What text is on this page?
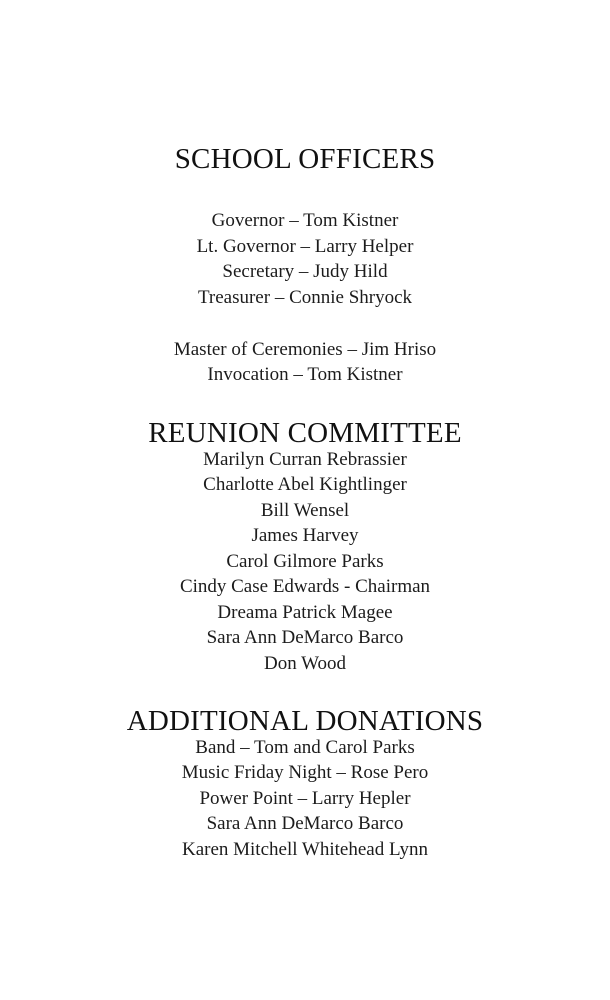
SCHOOL OFFICERS
Governor – Tom Kistner
Lt. Governor – Larry Helper
Secretary – Judy Hild
Treasurer – Connie Shryock
Master of Ceremonies – Jim Hriso
Invocation – Tom Kistner
REUNION COMMITTEE
Marilyn Curran Rebrassier
Charlotte Abel Kightlinger
Bill Wensel
James Harvey
Carol Gilmore Parks
Cindy Case Edwards - Chairman
Dreama Patrick Magee
Sara Ann DeMarco Barco
Don Wood
ADDITIONAL DONATIONS
Band – Tom and Carol Parks
Music Friday Night – Rose Pero
Power Point – Larry Hepler
Sara Ann DeMarco Barco
Karen Mitchell Whitehead Lynn
